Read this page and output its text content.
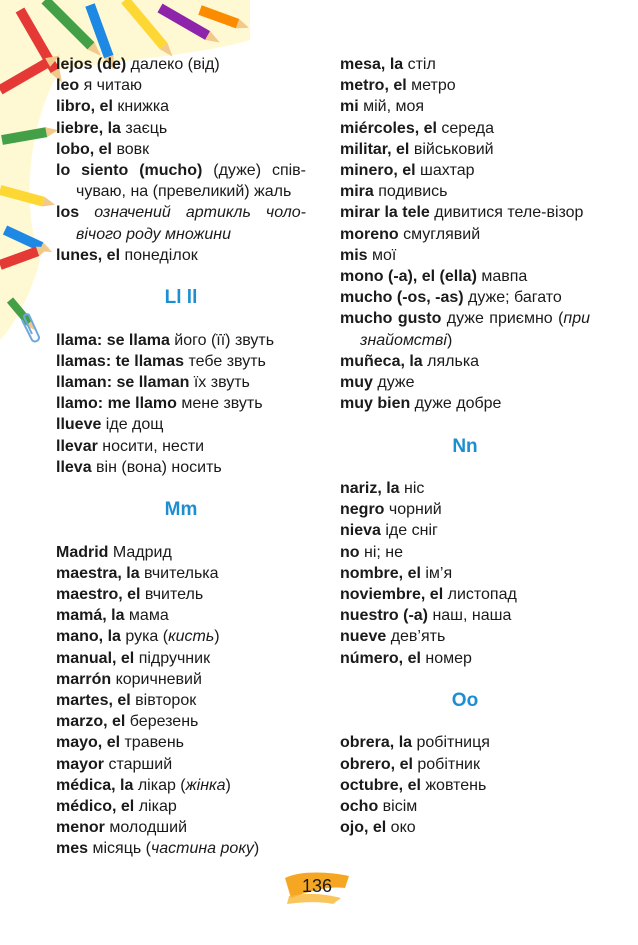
lejos (de) далеко (від)
leo я читаю
libro, el книжка
liebre, la заєць
lobo, el вовк
lo siento (mucho) (дуже) спів-чуваю, на (превеликий) жаль
los означений артикль чоло-вічого роду множини
lunes, el понеділок
Ll ll
llama: se llama його (її) звуть
llamas: te llamas тебе звуть
llaman: se llaman їх звуть
llamo: me llamo мене звуть
llueve іде дощ
llevar носити, нести
lleva він (вона) носить
Mm
Madrid Мадрид
maestra, la вчителька
maestro, el вчитель
mamá, la мама
mano, la рука (кисть)
manual, el підручник
marrón коричневий
martes, el вівторок
marzo, el березень
mayo, el травень
mayor старший
médica, la лікар (жінка)
médico, el лікар
menor молодший
mes місяць (частина року)
mesa, la стіл
metro, el метро
mi мій, моя
miércoles, el середа
militar, el військовий
minero, el шахтар
mira подивись
mirar la tele дивитися теле-візор
moreno смуглявий
mis мої
mono (-a), el (ella) мавпа
mucho (-os, -as) дуже; багато
mucho gusto дуже приємно (при знайомстві)
muñeca, la лялька
muy дуже
muy bien дуже добре
Nn
nariz, la ніс
negro чорний
nieva іде сніг
no ні; не
nombre, el ім’я
noviembre, el листопад
nuestro (-a) наш, наша
nueve дев’ять
número, el номер
Oo
obrera, la робітниця
obrero, el робітник
octubre, el жовтень
ocho вісім
ojo, el око
136
